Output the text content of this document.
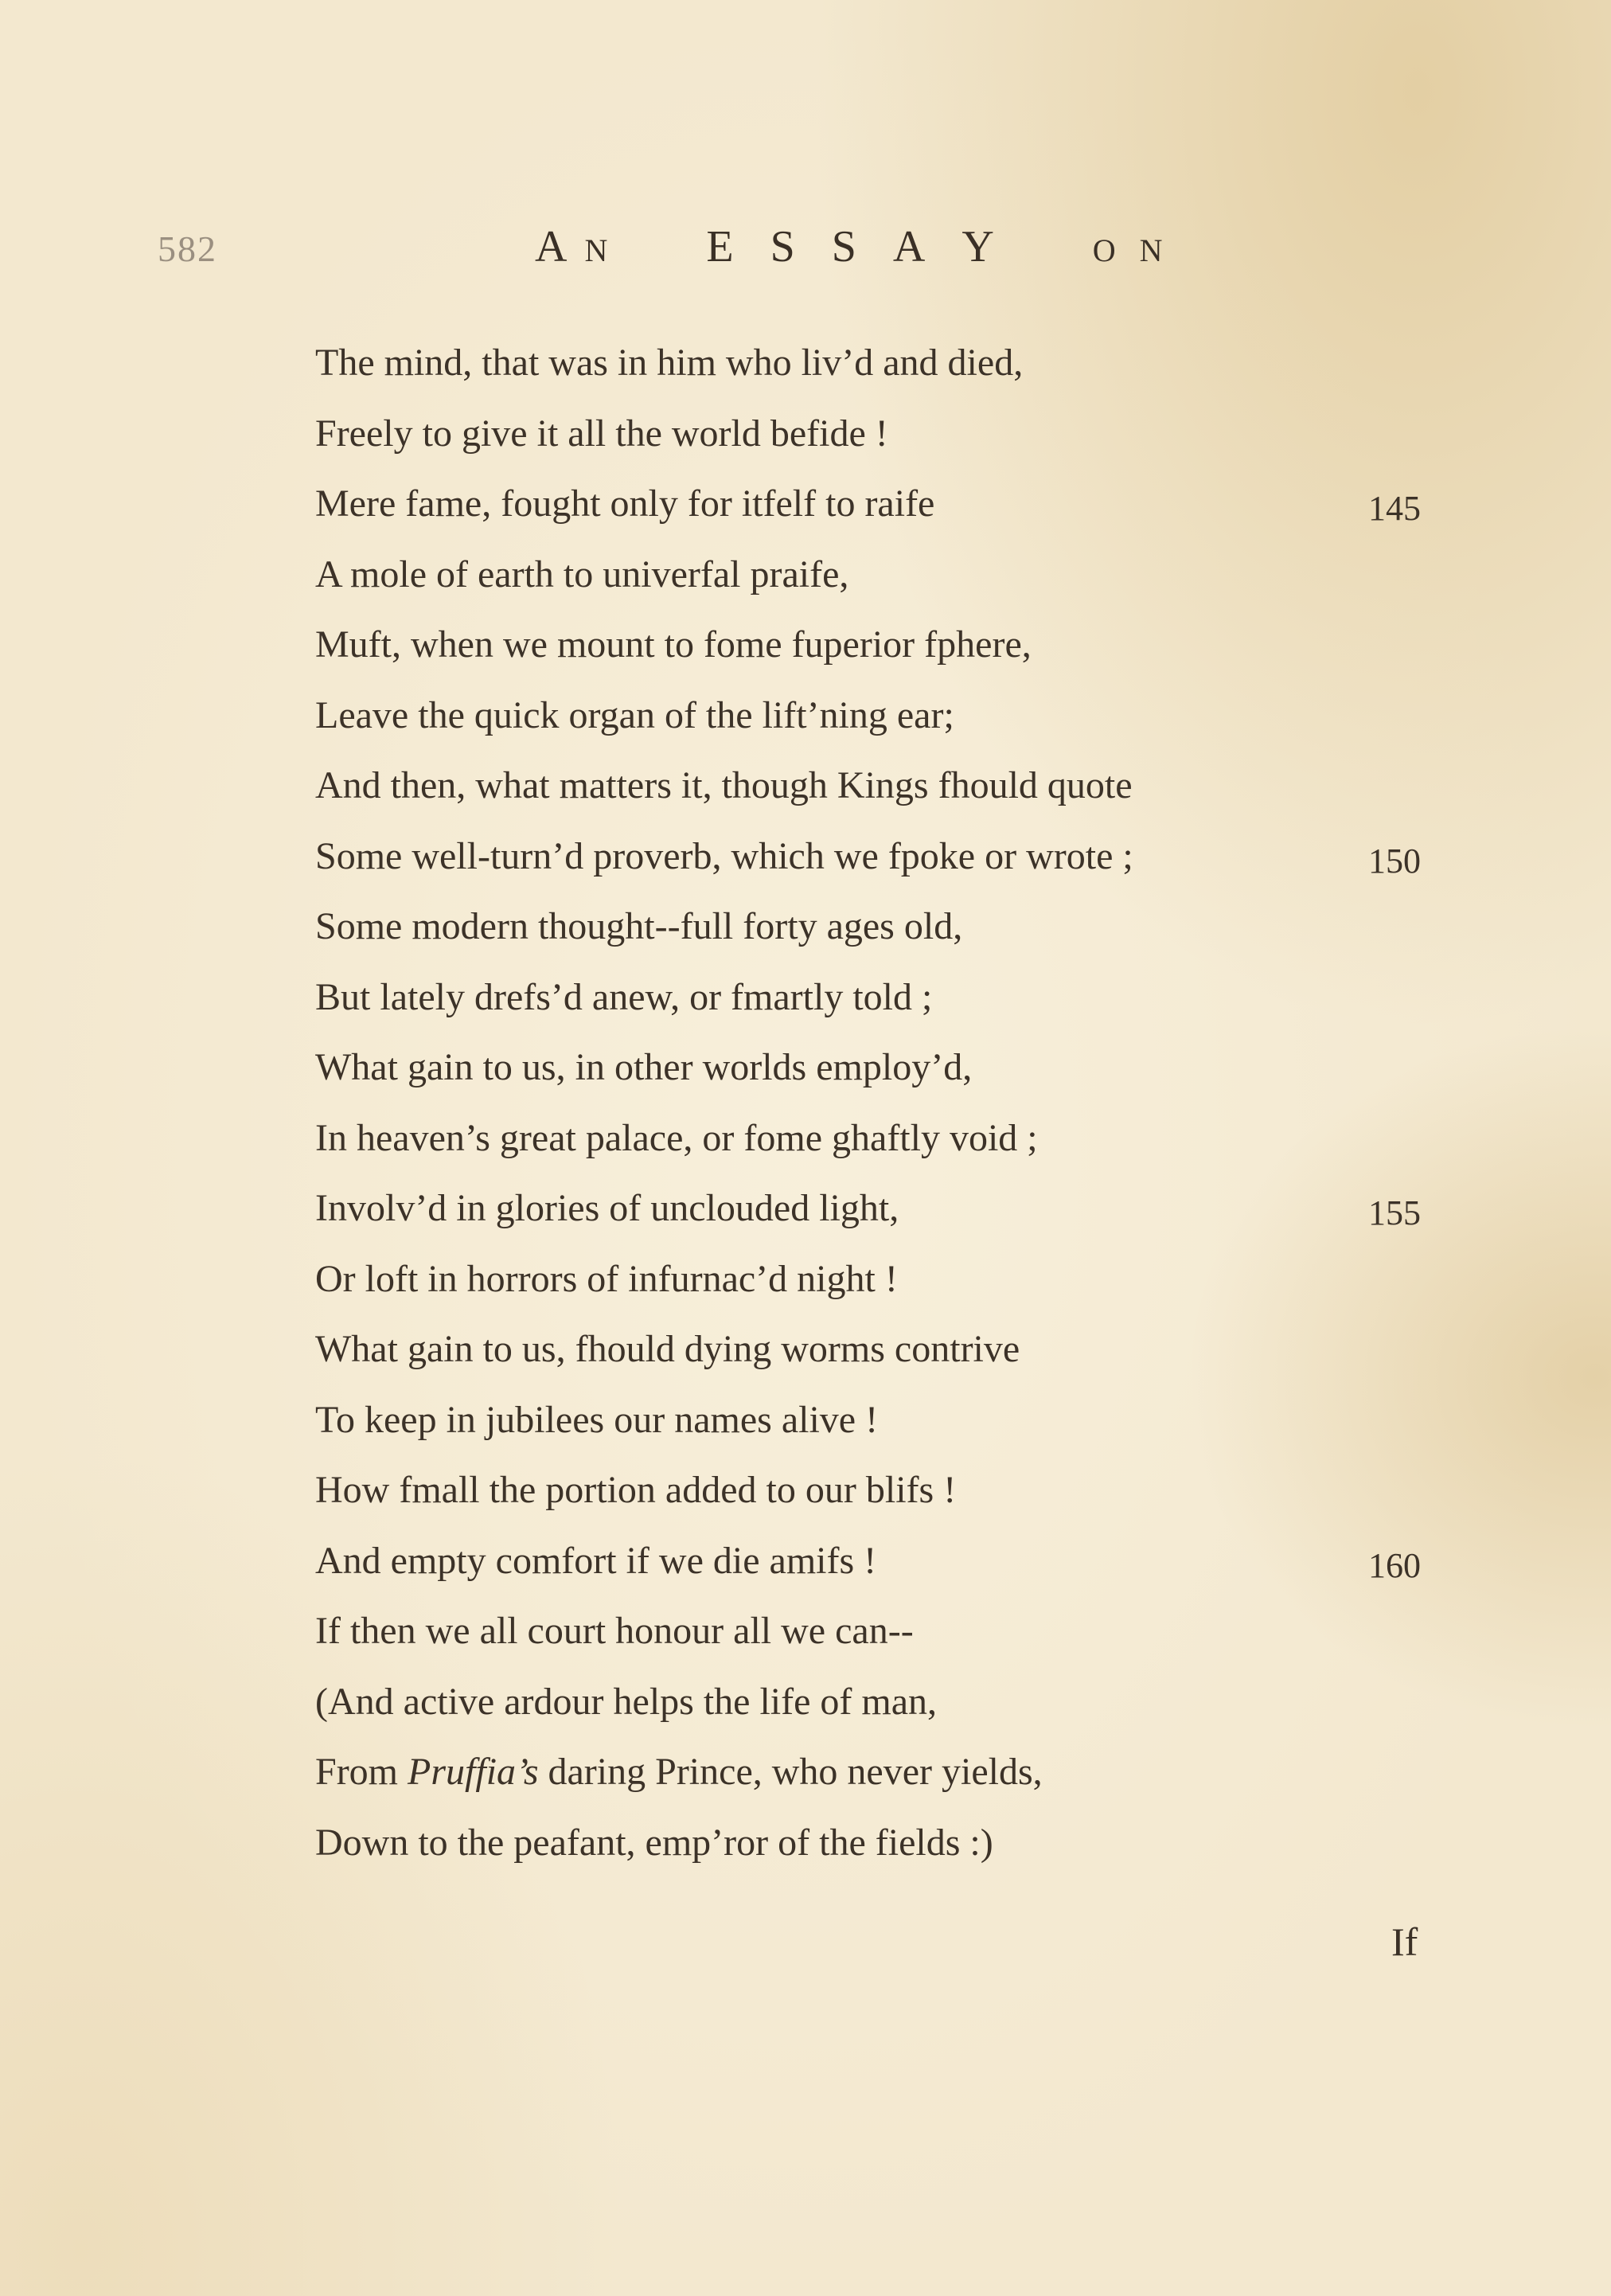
582	A N E S S A Y	O N
The mind, that was in him who liv’d and died,
Freely to give it all the world befide !
Mere fame, fought only for itfelf to raife	145
A mole of earth to univerfal praife,
Muft, when we mount to fome fuperior fphere,
Leave the quick organ of the lift’ning ear;
And then, what matters it, though Kings fhould quote
Some well-turn’d proverb, which we fpoke or wrote ;	150
Some modern thought--full forty ages old,
But lately drefs’d anew, or fmartly told ;
What gain to us, in other worlds employ’d,
In heaven’s great palace, or fome ghaftly void ;
Involv’d in glories of unclouded light,	155
Or loft in horrors of infurnac’d night !
What gain to us, fhould dying worms contrive
To keep in jubilees our names alive !
How fmall the portion added to our blifs !
And empty comfort if we die amifs !	160
If then we all court honour all we can--
(And active ardour helps the life of man,
From Pruffia’s daring Prince, who never yields,
Down to the peafant, emp’ror of the fields :)
If
